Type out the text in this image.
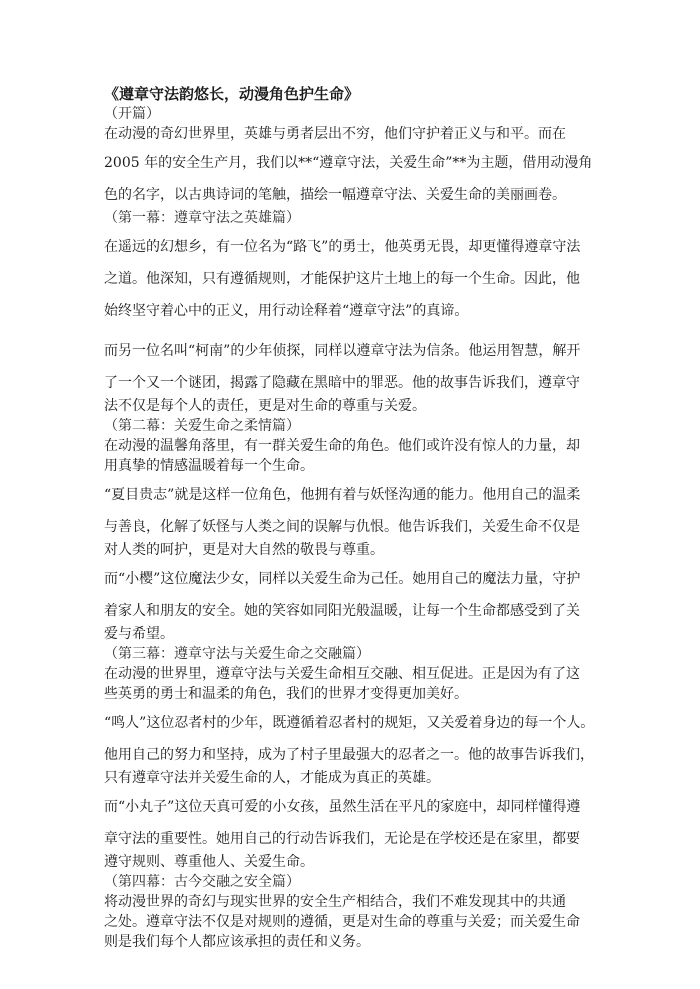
《遵章守法韵悠长，动漫角色护生命》
（开篇）
在动漫的奇幻世界里，英雄与勇者层出不穷，他们守护着正义与和平。而在
2005 年的安全生产月，我们以**“遵章守法，关爱生命”**为主题，借用动漫角
色的名字，以古典诗词的笔触，描绘一幅遵章守法、关爱生命的美丽画卷。
（第一幕：遵章守法之英雄篇）
在遥远的幻想乡，有一位名为“路飞”的勇士，他英勇无畏，却更懂得遵章守法
之道。他深知，只有遵循规则，才能保护这片土地上的每一个生命。因此，他
始终坚守着心中的正义，用行动诠释着“遵章守法”的真谛。
而另一位名叫“柯南”的少年侦探，同样以遵章守法为信条。他运用智慧，解开
了一个又一个谜团，揭露了隐藏在黑暗中的罪恶。他的故事告诉我们，遵章守
法不仅是每个人的责任，更是对生命的尊重与关爱。
（第二幕：关爱生命之柔情篇）
在动漫的温馨角落里，有一群关爱生命的角色。他们或许没有惊人的力量，却
用真挚的情感温暖着每一个生命。
“夏目贵志”就是这样一位角色，他拥有着与妖怪沟通的能力。他用自己的温柔
与善良，化解了妖怪与人类之间的误解与仇恨。他告诉我们，关爱生命不仅是
对人类的呵护，更是对大自然的敬畏与尊重。
而“小樱”这位魔法少女，同样以关爱生命为己任。她用自己的魔法力量，守护
着家人和朋友的安全。她的笑容如同阳光般温暖，让每一个生命都感受到了关
爱与希望。
（第三幕：遵章守法与关爱生命之交融篇）
在动漫的世界里，遵章守法与关爱生命相互交融、相互促进。正是因为有了这
些英勇的勇士和温柔的角色，我们的世界才变得更加美好。
“鸣人”这位忍者村的少年，既遵循着忍者村的规矩，又关爱着身边的每一个人。
他用自己的努力和坚持，成为了村子里最强大的忍者之一。他的故事告诉我们，
只有遵章守法并关爱生命的人，才能成为真正的英雄。
而“小丸子”这位天真可爱的小女孩，虽然生活在平凡的家庭中，却同样懂得遵
章守法的重要性。她用自己的行动告诉我们，无论是在学校还是在家里，都要
遵守规则、尊重他人、关爱生命。
（第四幕：古今交融之安全篇）
将动漫世界的奇幻与现实世界的安全生产相结合，我们不难发现其中的共通
之处。遵章守法不仅是对规则的遵循，更是对生命的尊重与关爱；而关爱生命
则是我们每个人都应该承担的责任和义务。
